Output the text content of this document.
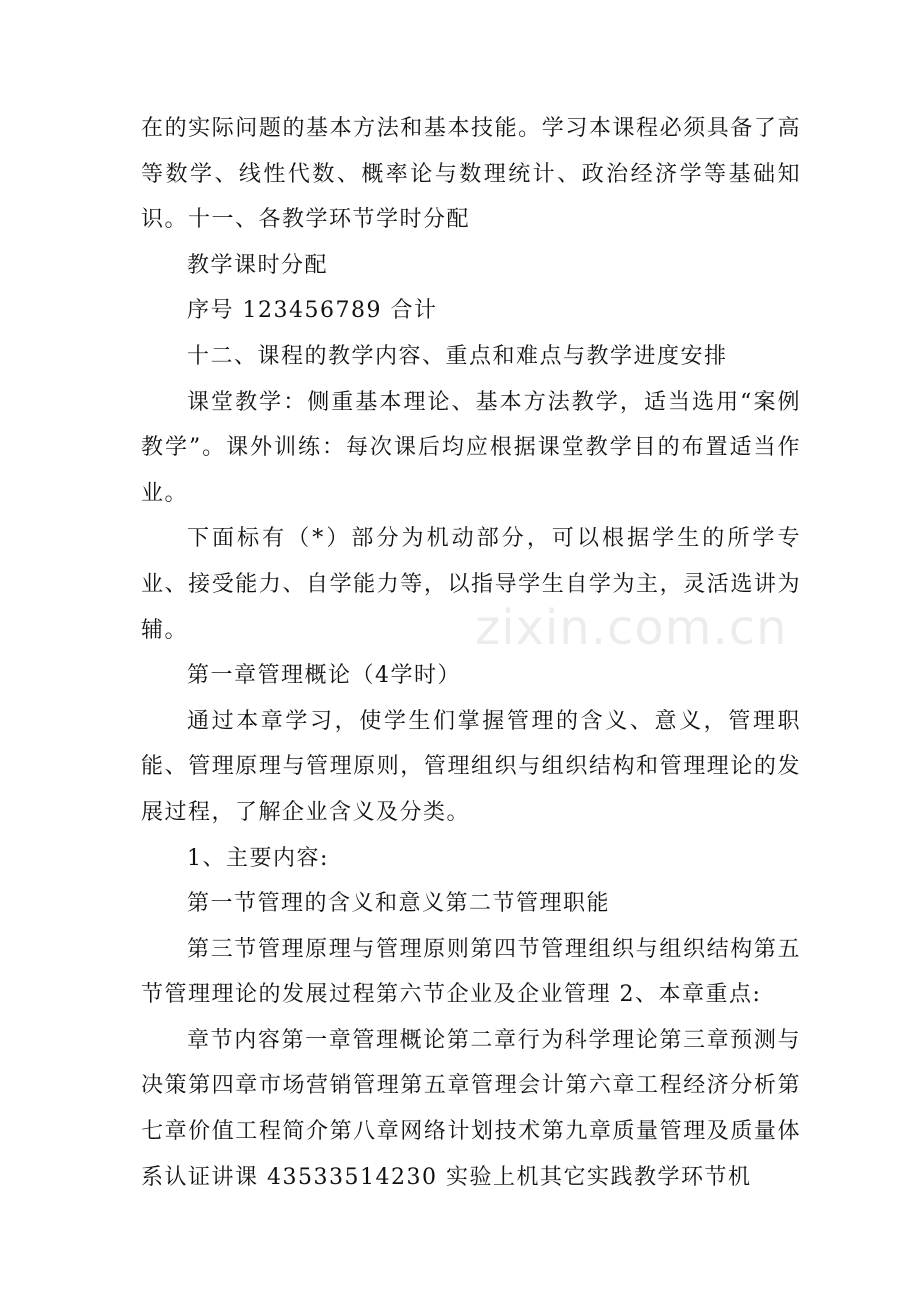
在的实际问题的基本方法和基本技能。学习本课程必须具备了高等数学、线性代数、概率论与数理统计、政治经济学等基础知识。十一、各教学环节学时分配

教学课时分配

序号 123456789 合计

十二、课程的教学内容、重点和难点与教学进度安排

课堂教学：侧重基本理论、基本方法教学，适当选用“案例教学”。课外训练：每次课后均应根据课堂教学目的布置适当作业。

下面标有（*）部分为机动部分，可以根据学生的所学专业、接受能力、自学能力等，以指导学生自学为主，灵活选讲为辅。

第一章管理概论（4学时）

通过本章学习，使学生们掌握管理的含义、意义，管理职能、管理原理与管理原则，管理组织与组织结构和管理理论的发展过程，了解企业含义及分类。

1、主要内容:

第一节管理的含义和意义第二节管理职能

第三节管理原理与管理原则第四节管理组织与组织结构第五节管理理论的发展过程第六节企业及企业管理 2、本章重点:

章节内容第一章管理概论第二章行为科学理论第三章预测与决策第四章市场营销管理第五章管理会计第六章工程经济分析第七章价值工程简介第八章网络计划技术第九章质量管理及质量体系认证讲课 43533514230 实验上机其它实践教学环节机

zixin.com.cn
